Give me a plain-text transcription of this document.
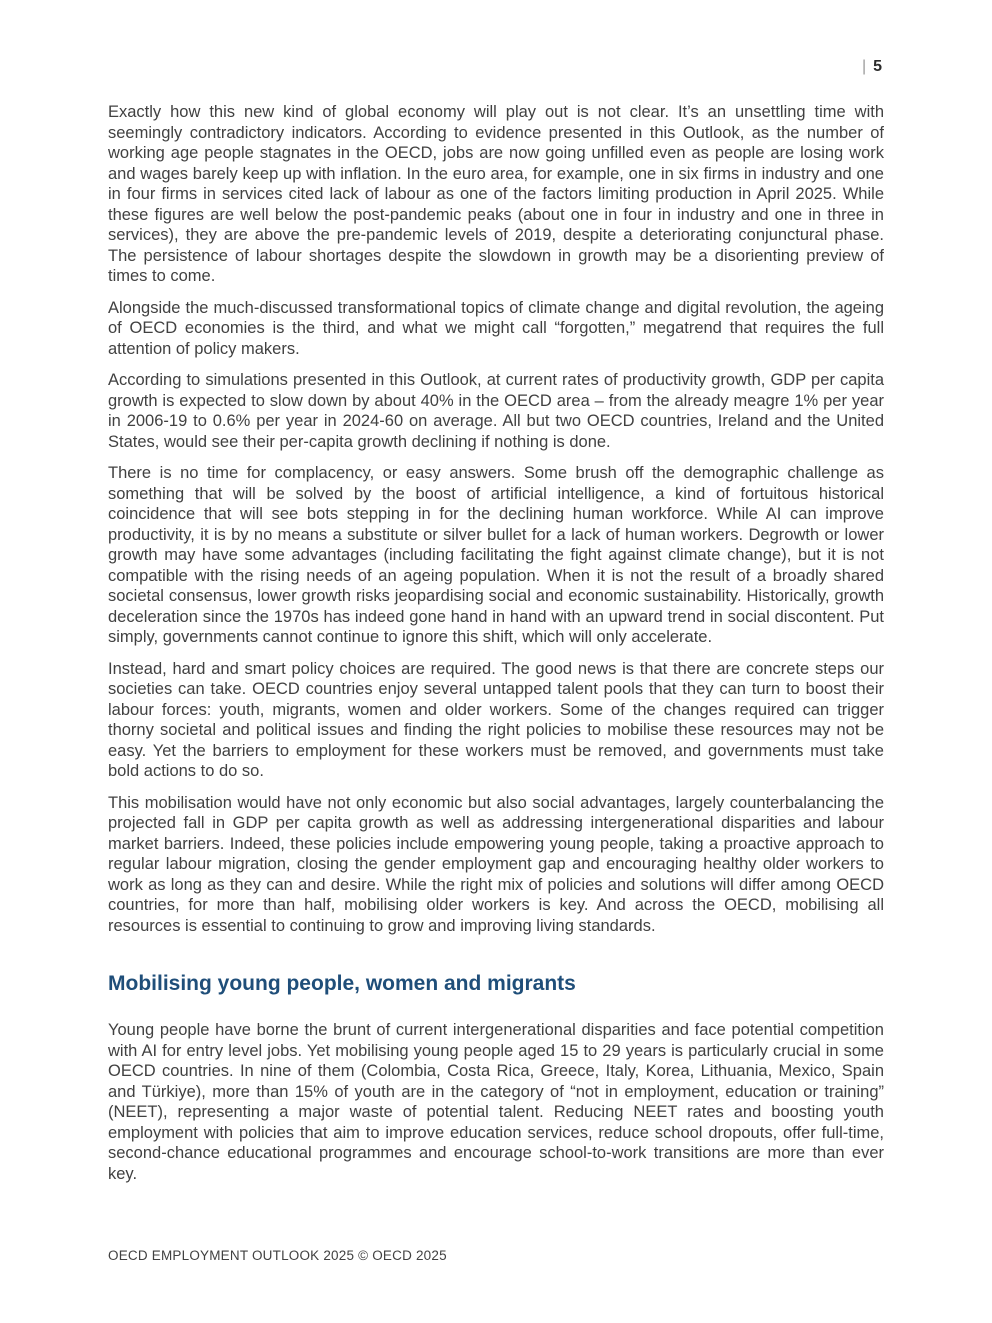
| 5

Exactly how this new kind of global economy will play out is not clear. It’s an unsettling time with seemingly contradictory indicators. According to evidence presented in this Outlook, as the number of working age people stagnates in the OECD, jobs are now going unfilled even as people are losing work and wages barely keep up with inflation. In the euro area, for example, one in six firms in industry and one in four firms in services cited lack of labour as one of the factors limiting production in April 2025. While these figures are well below the post-pandemic peaks (about one in four in industry and one in three in services), they are above the pre-pandemic levels of 2019, despite a deteriorating conjunctural phase. The persistence of labour shortages despite the slowdown in growth may be a disorienting preview of times to come.

Alongside the much-discussed transformational topics of climate change and digital revolution, the ageing of OECD economies is the third, and what we might call “forgotten,” megatrend that requires the full attention of policy makers.

According to simulations presented in this Outlook, at current rates of productivity growth, GDP per capita growth is expected to slow down by about 40% in the OECD area – from the already meagre 1% per year in 2006-19 to 0.6% per year in 2024-60 on average. All but two OECD countries, Ireland and the United States, would see their per-capita growth declining if nothing is done.

There is no time for complacency, or easy answers. Some brush off the demographic challenge as something that will be solved by the boost of artificial intelligence, a kind of fortuitous historical coincidence that will see bots stepping in for the declining human workforce. While AI can improve productivity, it is by no means a substitute or silver bullet for a lack of human workers. Degrowth or lower growth may have some advantages (including facilitating the fight against climate change), but it is not compatible with the rising needs of an ageing population. When it is not the result of a broadly shared societal consensus, lower growth risks jeopardising social and economic sustainability. Historically, growth deceleration since the 1970s has indeed gone hand in hand with an upward trend in social discontent. Put simply, governments cannot continue to ignore this shift, which will only accelerate.

Instead, hard and smart policy choices are required. The good news is that there are concrete steps our societies can take. OECD countries enjoy several untapped talent pools that they can turn to boost their labour forces: youth, migrants, women and older workers. Some of the changes required can trigger thorny societal and political issues and finding the right policies to mobilise these resources may not be easy. Yet the barriers to employment for these workers must be removed, and governments must take bold actions to do so.

This mobilisation would have not only economic but also social advantages, largely counterbalancing the projected fall in GDP per capita growth as well as addressing intergenerational disparities and labour market barriers. Indeed, these policies include empowering young people, taking a proactive approach to regular labour migration, closing the gender employment gap and encouraging healthy older workers to work as long as they can and desire. While the right mix of policies and solutions will differ among OECD countries, for more than half, mobilising older workers is key. And across the OECD, mobilising all resources is essential to continuing to grow and improving living standards.

Mobilising young people, women and migrants

Young people have borne the brunt of current intergenerational disparities and face potential competition with AI for entry level jobs. Yet mobilising young people aged 15 to 29 years is particularly crucial in some OECD countries. In nine of them (Colombia, Costa Rica, Greece, Italy, Korea, Lithuania, Mexico, Spain and Türkiye), more than 15% of youth are in the category of “not in employment, education or training” (NEET), representing a major waste of potential talent. Reducing NEET rates and boosting youth employment with policies that aim to improve education services, reduce school dropouts, offer full-time, second-chance educational programmes and encourage school-to-work transitions are more than ever key.

OECD EMPLOYMENT OUTLOOK 2025 © OECD 2025
